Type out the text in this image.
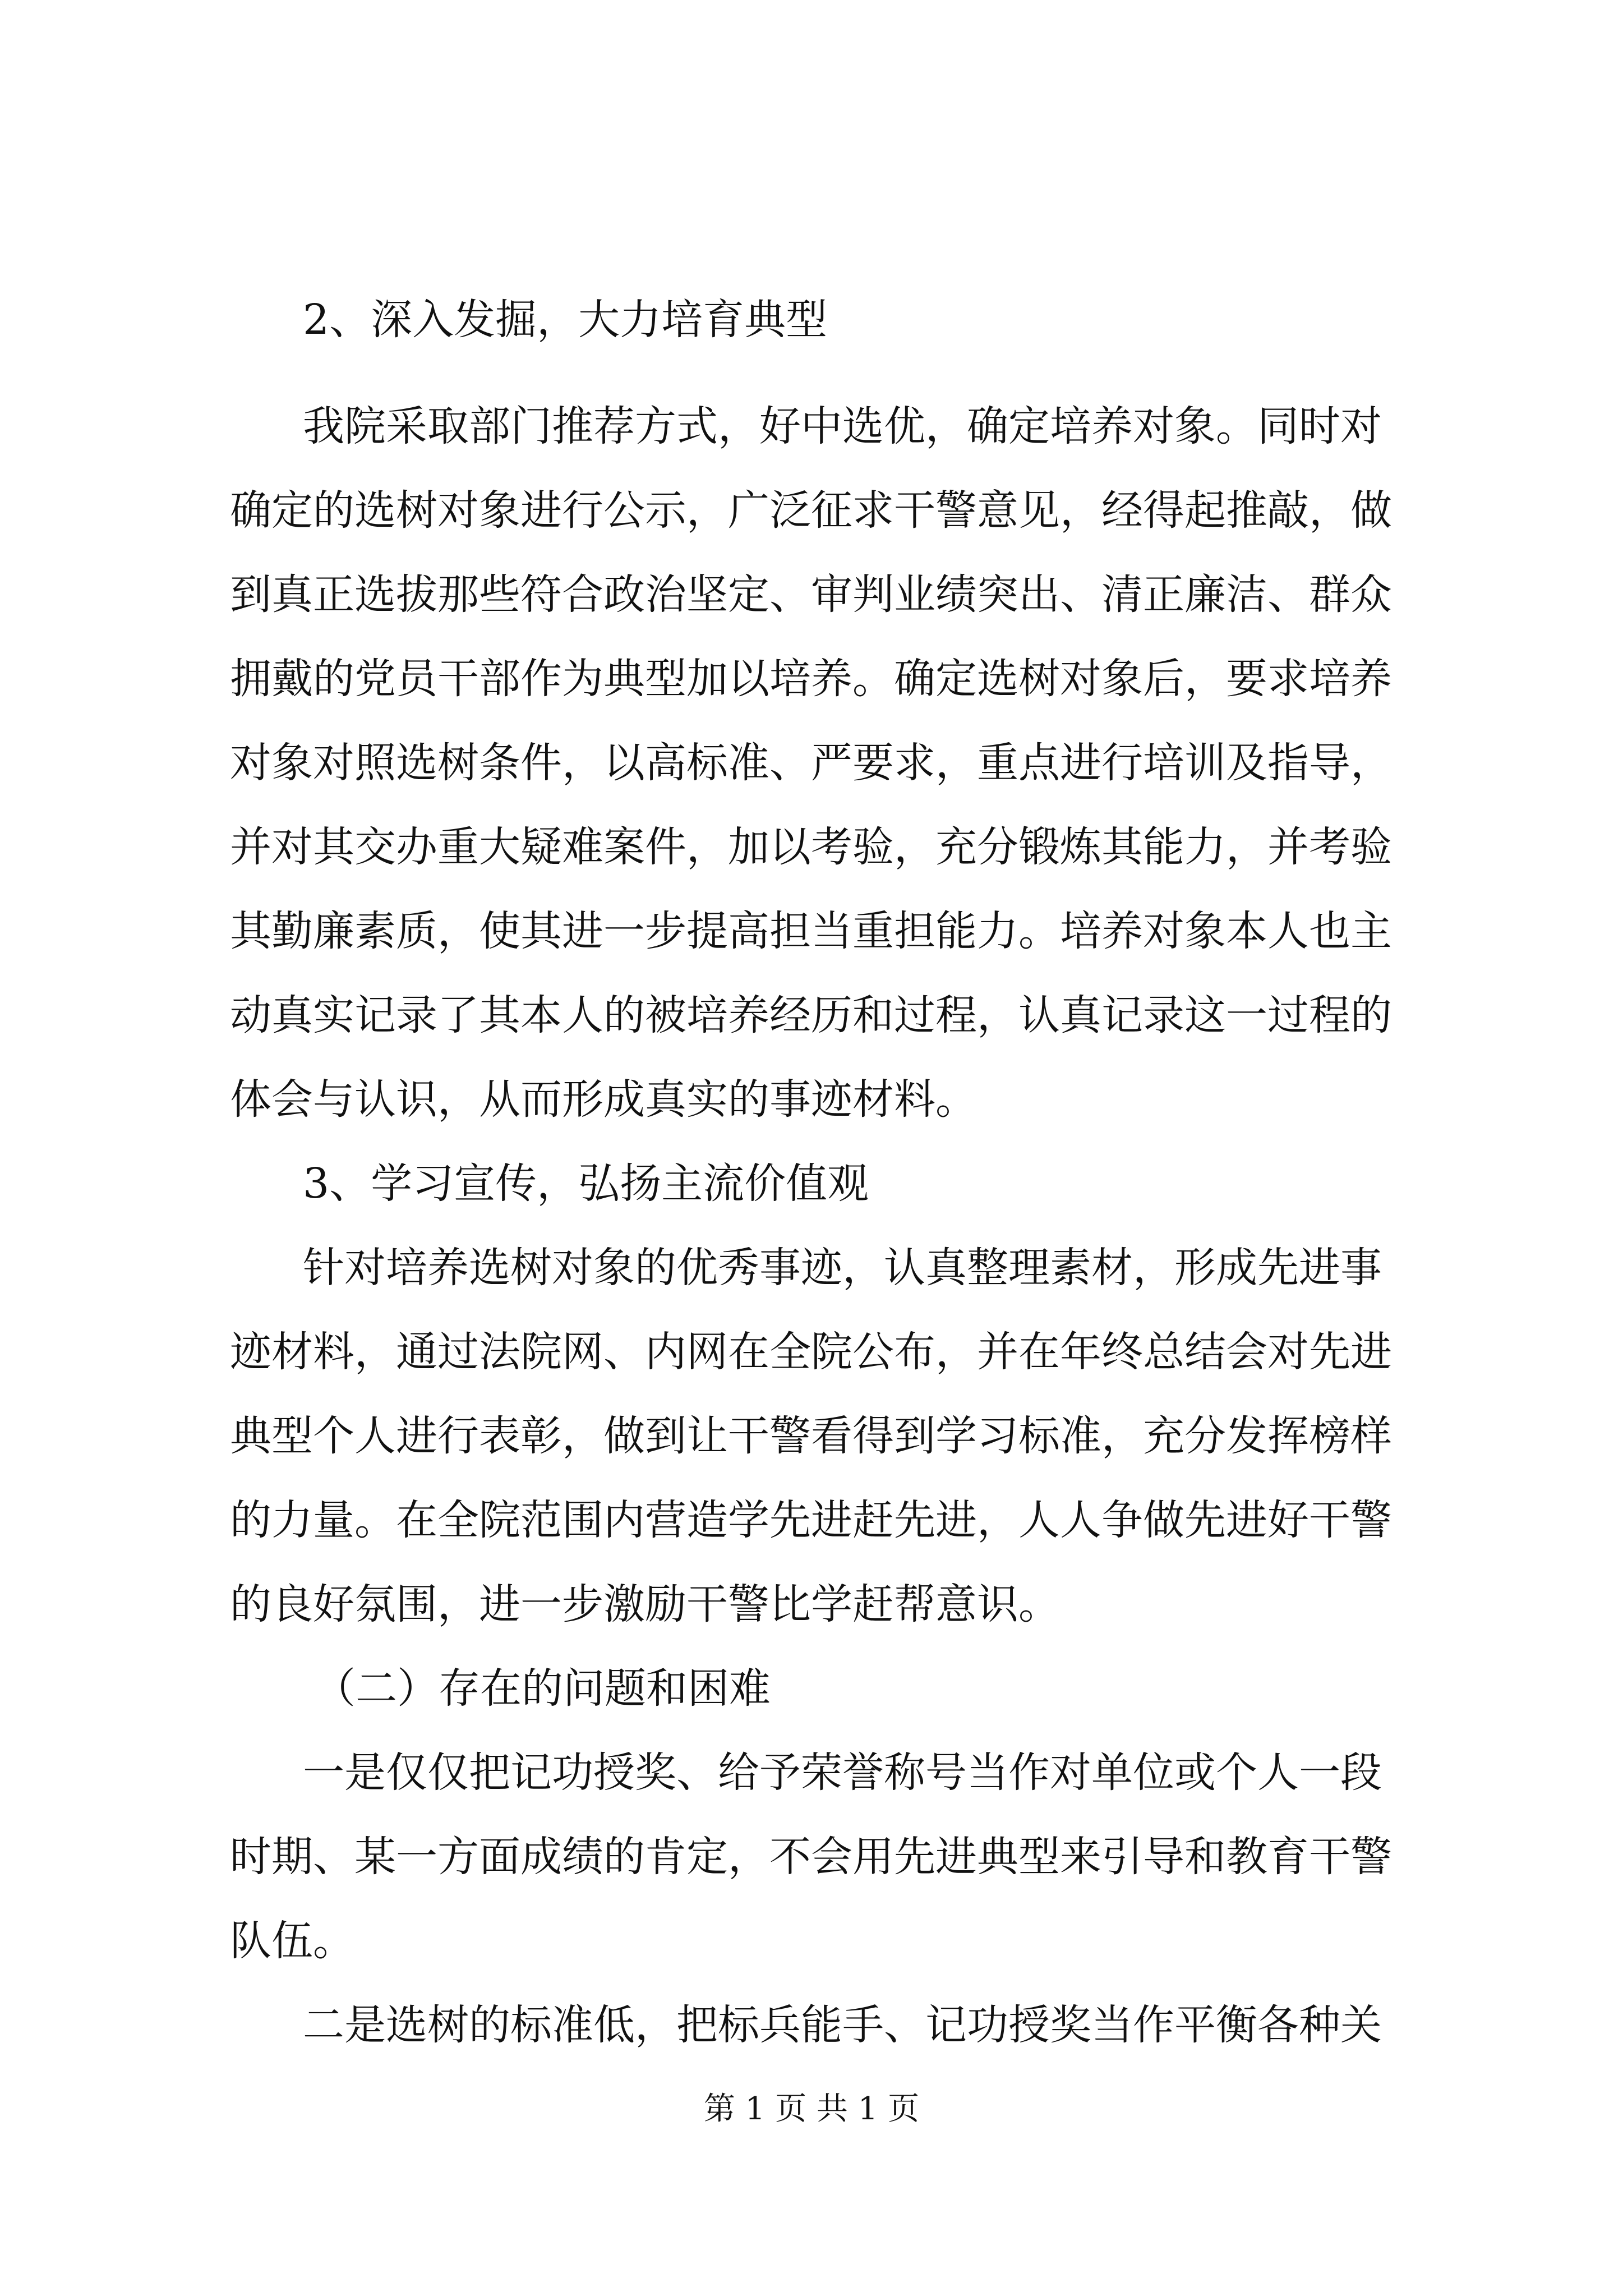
2、深入发掘，大力培育典型
我院采取部门推荐方式，好中选优，确定培养对象。同时对
确定的选树对象进行公示，广泛征求干警意见，经得起推敲，做
到真正选拔那些符合政治坚定、审判业绩突出、清正廉洁、群众
拥戴的党员干部作为典型加以培养。确定选树对象后，要求培养
对象对照选树条件，以高标准、严要求，重点进行培训及指导，
并对其交办重大疑难案件，加以考验，充分锻炼其能力，并考验
其勤廉素质，使其进一步提高担当重担能力。培养对象本人也主
动真实记录了其本人的被培养经历和过程，认真记录这一过程的
体会与认识，从而形成真实的事迹材料。
3、学习宣传，弘扬主流价值观
针对培养选树对象的优秀事迹，认真整理素材，形成先进事
迹材料，通过法院网、内网在全院公布，并在年终总结会对先进
典型个人进行表彰，做到让干警看得到学习标准，充分发挥榜样
的力量。在全院范围内营造学先进赶先进，人人争做先进好干警
的良好氛围，进一步激励干警比学赶帮意识。
（二）存在的问题和困难
一是仅仅把记功授奖、给予荣誉称号当作对单位或个人一段
时期、某一方面成绩的肯定，不会用先进典型来引导和教育干警
队伍。
二是选树的标准低，把标兵能手、记功授奖当作平衡各种关
第 1 页 共 1 页
